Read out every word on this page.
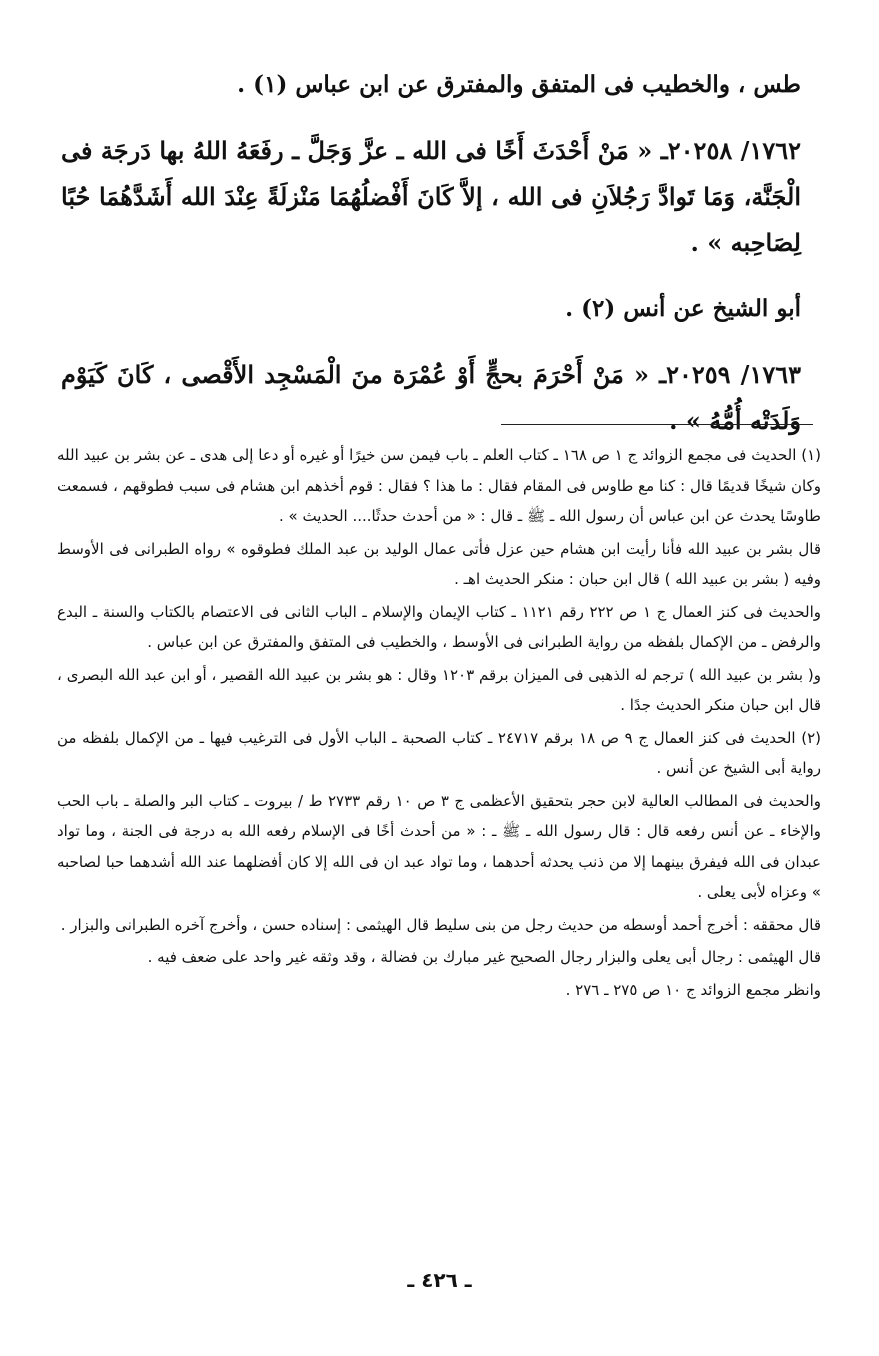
طس ، والخطيب فى المتفق والمفترق عن ابن عباس (١) .

١٧٦٢/ ٢٠٢٥٨ـ « مَنْ أَحْدَثَ أَخًا فى الله ـ عزَّ وَجَلَّ ـ رفَعَهُ اللهُ بها دَرجَة فى الْجَنَّة، وَمَا تَوادَّ رَجُلاَنِ فى الله ، إلاَّ كَانَ أَفْضلُهُمَا مَنْزلَةً عِنْدَ الله أَشَدَّهُمَا حُبًا لِصَاحِبه » .

أبو الشيخ عن أنس (٢) .

١٧٦٣/ ٢٠٢٥٩ـ « مَنْ أَحْرَمَ بحجٍّ أَوْ عُمْرَة منَ الْمَسْجِد الأَقْصى ، كَانَ كَيَوْم وَلَدَتْه أُمُّهُ » .

(١) الحديث فى مجمع الزوائد ج ١ ص ١٦٨ ـ كتاب العلم ـ باب فيمن سن خيرًا أو غيره أو دعا إلى هدى ـ عن بشر بن عبيد الله وكان شيخًا قديمًا قال : كنا مع طاوس فى المقام فقال : ما هذا ؟ فقال : قوم أخذهم ابن هشام فى سبب فطوقهم ، فسمعت طاوسًا يحدث عن ابن عباس أن رسول الله ـ ﷺ ـ قال : « من أحدث حدثًا.... الحديث » .

قال بشر بن عبيد الله فأنا رأيت ابن هشام حين عزل فأتى عمال الوليد بن عبد الملك فطوقوه » رواه الطبرانى فى الأوسط وفيه ( بشر بن عبيد الله ) قال ابن حبان : منكر الحديث اهـ .

والحديث فى كنز العمال ج ١ ص ٢٢٢ رقم ١١٢١ ـ كتاب الإيمان والإسلام ـ الباب الثانى فى الاعتصام بالكتاب والسنة ـ البدع والرفض ـ من الإكمال بلفظه من رواية الطبرانى فى الأوسط ، والخطيب فى المتفق والمفترق عن ابن عباس .

و( بشر بن عبيد الله ) ترجم له الذهبى فى الميزان برقم ١٢٠٣ وقال : هو بشر بن عبيد الله القصير ، أو ابن عبد الله البصرى ، قال ابن حبان منكر الحديث جدًا .

(٢) الحديث فى كنز العمال ج ٩ ص ١٨ برقم ٢٤٧١٧ ـ كتاب الصحبة ـ الباب الأول فى الترغيب فيها ـ من الإكمال بلفظه من رواية أبى الشيخ عن أنس .

والحديث فى المطالب العالية لابن حجر بتحقيق الأعظمى ج ٣ ص ١٠ رقم ٢٧٣٣ ط / بيروت ـ كتاب البر والصلة ـ باب الحب والإخاء ـ عن أنس رفعه قال : قال رسول الله ـ ﷺ ـ : « من أحدث أخًا فى الإسلام رفعه الله به درجة فى الجنة ، وما تواد عبدان فى الله فيفرق بينهما إلا من ذنب يحدثه أحدهما ، وما تواد عبد ان فى الله إلا كان أفضلهما عند الله أشدهما حبا لصاحبه » وعزاه لأبى يعلى .

قال محققه : أخرج أحمد أوسطه من حديث رجل من بنى سليط قال الهيثمى : إسناده حسن ، وأخرج آخره الطبرانى والبزار .

قال الهيثمى : رجال أبى يعلى والبزار رجال الصحيح غير مبارك بن فضالة ، وقد وثقه غير واحد على ضعف فيه .

وانظر مجمع الزوائد ج ١٠ ص ٢٧٥ ـ ٢٧٦ .

ـ ٤٢٦ ـ
